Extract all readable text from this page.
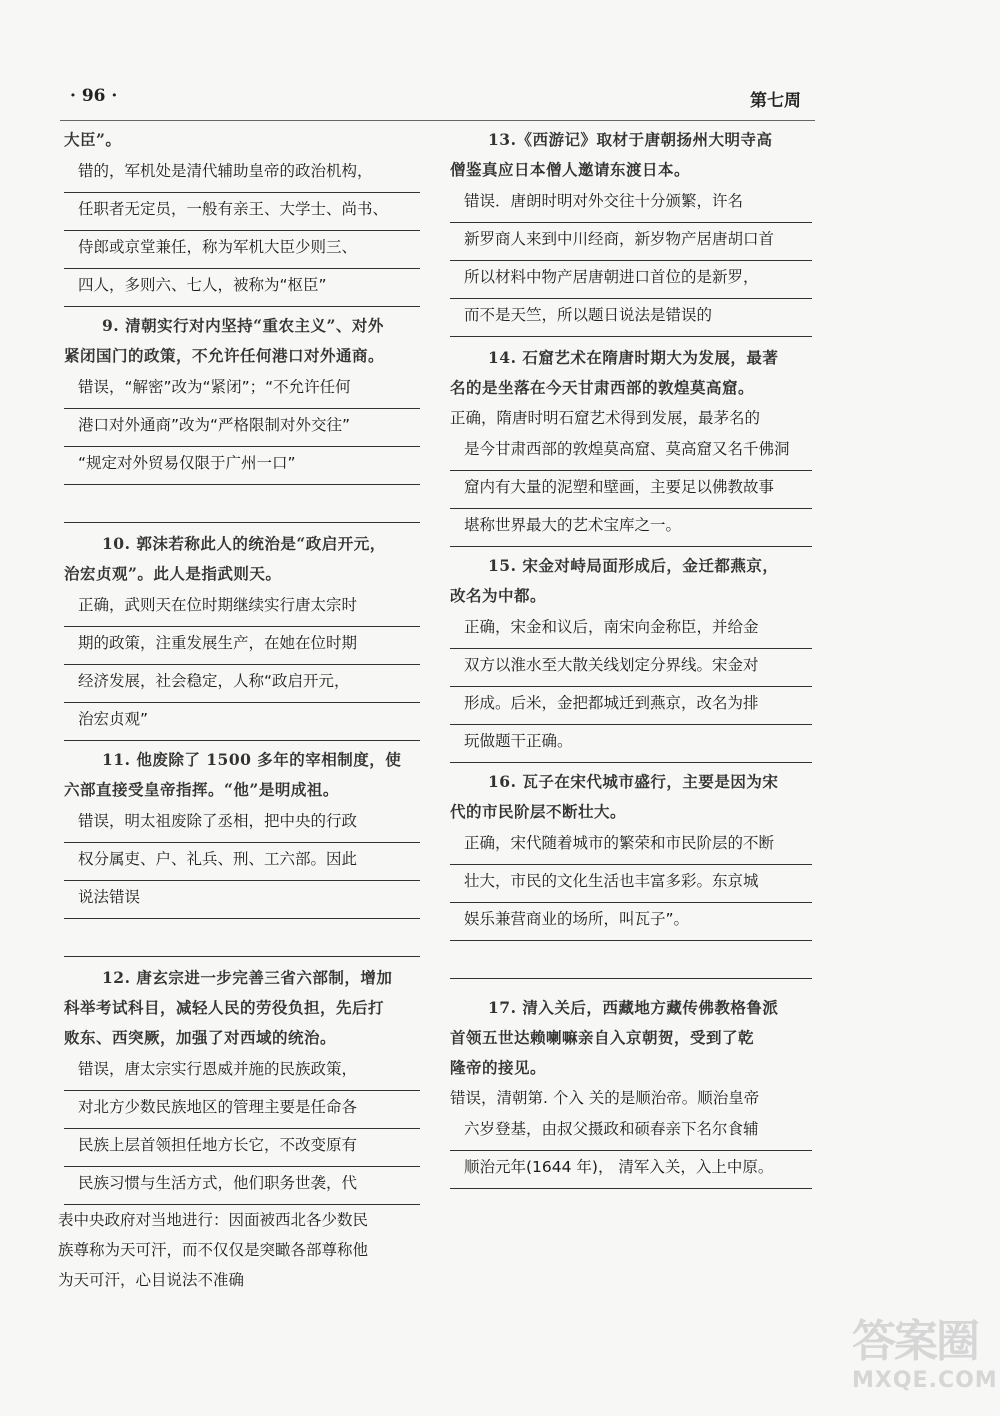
· 96 ·	第七周
大臣”。
错的，军机处是清代辅助皇帝的政治机构，
任职者无定员，一般有亲王、大学士、尚书、
侍郎或京堂兼任，称为军机大臣少则三、
四人，多则六、七人，被称为“枢臣”
9. 清朝实行对内坚持“重农主义”、对外
紧闭国门的政策，不允许任何港口对外通商。
错误，“解密”改为“紧闭”；“不允许任何
港口对外通商”改为“严格限制对外交往”
“规定对外贸易仅限于广州一口”
10. 郭沫若称此人的统治是“政启开元，
治宏贞观”。此人是指武则天。
正确，武则天在位时期继续实行唐太宗时
期的政策，注重发展生产，在她在位时期
经济发展，社会稳定，人称“政启开元，
治宏贞观”
11. 他废除了 1500 多年的宰相制度，使
六部直接受皇帝指挥。“他”是明成祖。
错误，明太祖废除了丞相，把中央的行政
权分属吏、户、礼兵、刑、工六部。因此
说法错误
12. 唐玄宗进一步完善三省六部制，增加
科举考试科目，减轻人民的劳役负担，先后打
败东、西突厥，加强了对西域的统治。
错误，唐太宗实行恩威并施的民族政策，
对北方少数民族地区的管理主要是任命各
民族上层首领担任地方长它，不改变原有
民族习惯与生活方式，他们职务世袭，代
表中央政府对当地进行：因面被西北各少数民
族尊称为天可汗，而不仅仅是突瞰各部尊称他
为天可汗，心目说法不准确
13.《西游记》取材于唐朝扬州大明寺高
僧鉴真应日本僧人邀请东渡日本。
错误．唐朗时明对外交往十分颁繁，许名
新罗商人来到中川经商，新岁物产居唐胡口首
所以材料中物产居唐朝进口首位的是新罗，
而不是天竺，所以题日说法是错误的
14. 石窟艺术在隋唐时期大为发展，最著
名的是坐落在今天甘肃西部的敦煌莫高窟。
正确，隋唐时明石窟艺术得到发展，最茅名的
是今甘肃西部的敦煌莫高窟、莫高窟又名千佛洞
窟内有大量的泥塑和壁画，主要足以佛教故事
堪称世界最大的艺术宝库之一。
15. 宋金对峙局面形成后，金迁都燕京，
改名为中都。
正确，宋金和议后，南宋向金称臣，并给金
双方以淮水至大散关线划定分界线。宋金对
形成。后米，金把都城迁到燕京，改名为排
玩做题干正确。
16. 瓦子在宋代城市盛行，主要是因为宋
代的市民阶层不断壮大。
正确，宋代随着城市的繁荣和市民阶层的不断
壮大，市民的文化生活也丰富多彩。东京城
娱乐兼营商业的场所，叫瓦子”。
17. 清入关后，西藏地方藏传佛教格鲁派
首领五世达赖喇嘛亲自入京朝贺，受到了乾
隆帝的接见。
错误，清朝第. 个入 关的是顺治帝。顺治皇帝
六岁登基，由叔父摄政和硕春亲下名尔食辅
顺治元年(1644 年)， 清军入关，入上中原。
答案圈
MXQE.COM
